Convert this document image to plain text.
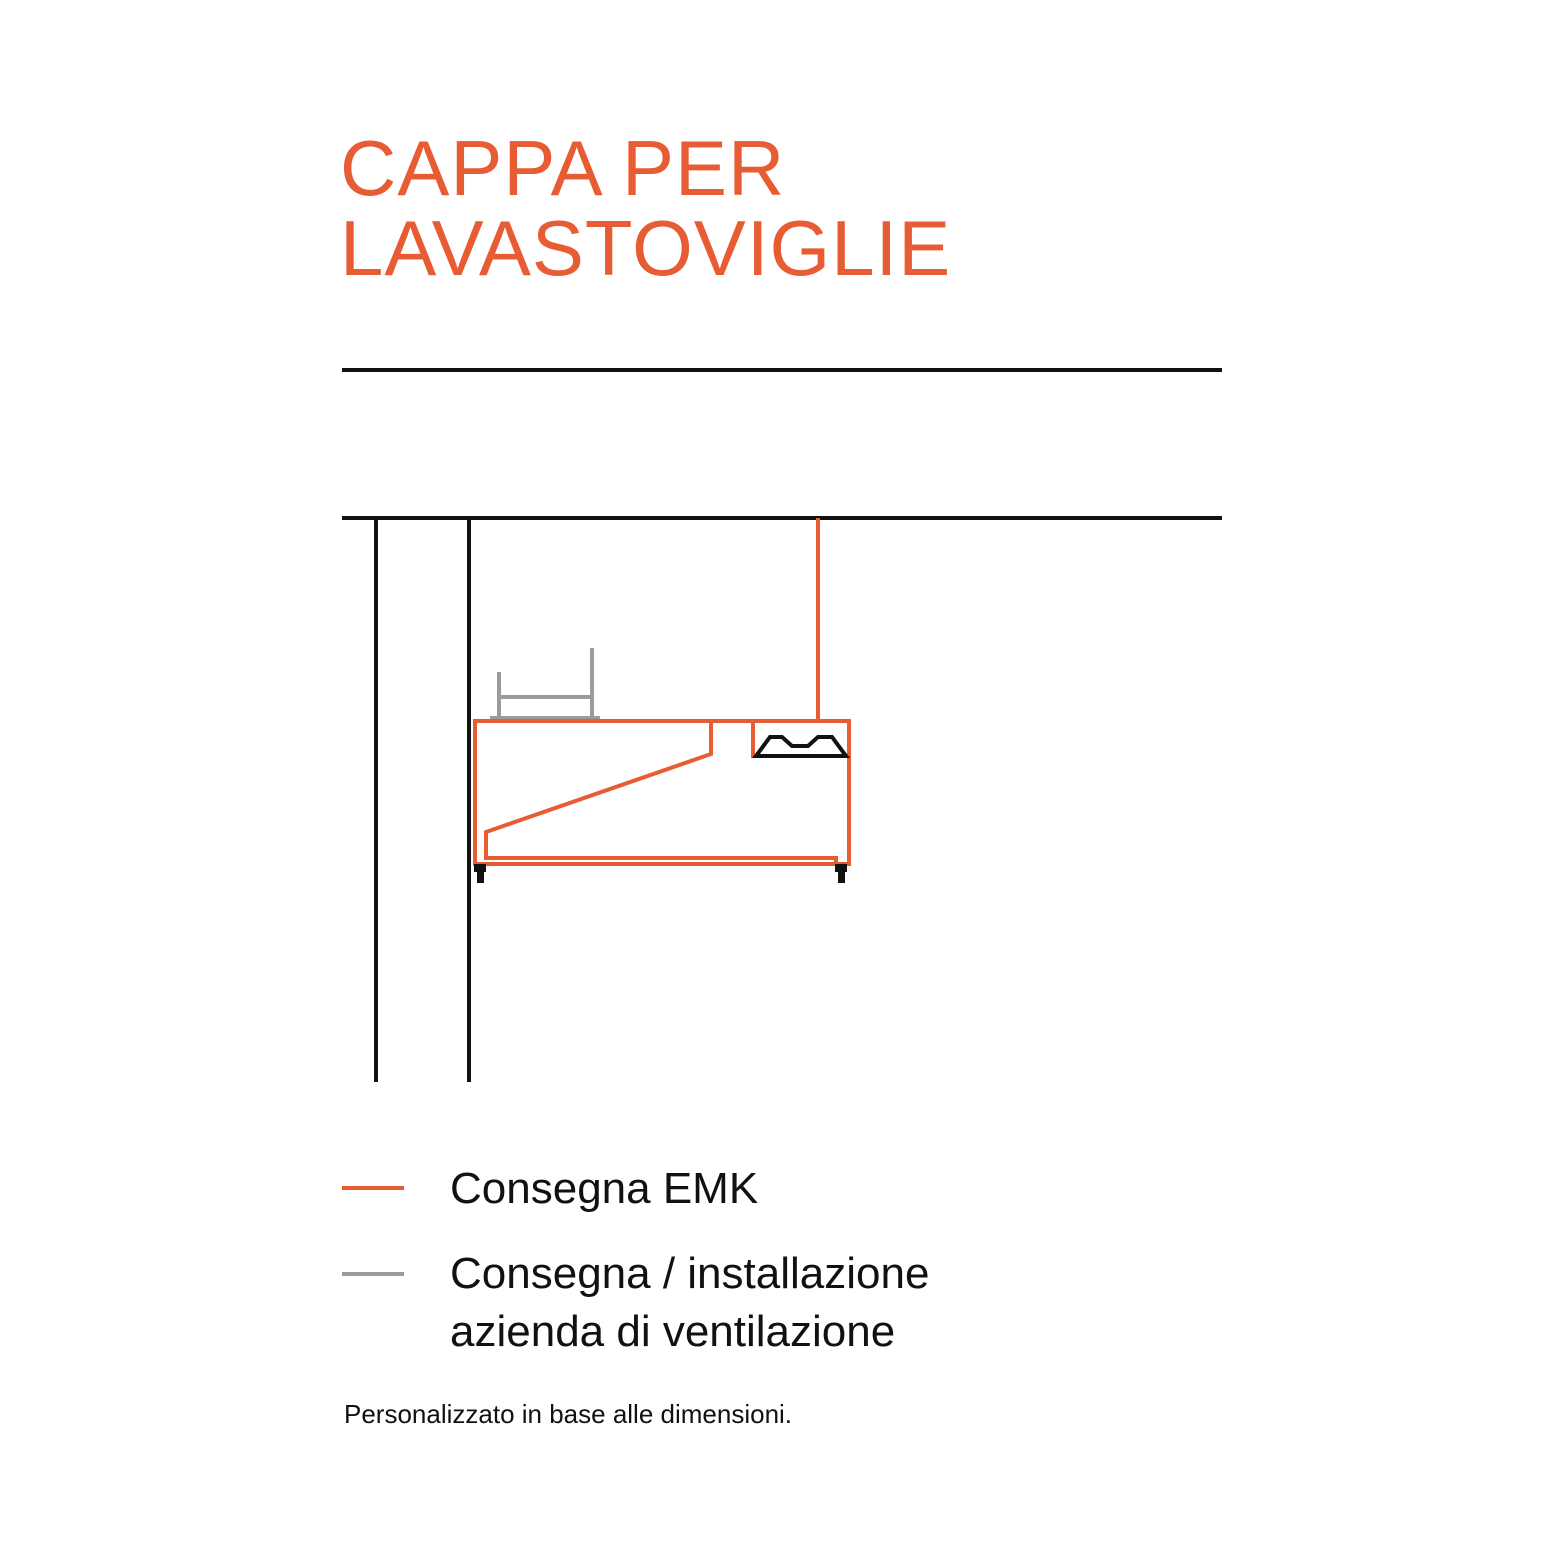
CAPPA PER
LAVASTOVIGLIE
Consegna EMK
Consegna / installazione
azienda di ventilazione
Personalizzato in base alle dimensioni.
